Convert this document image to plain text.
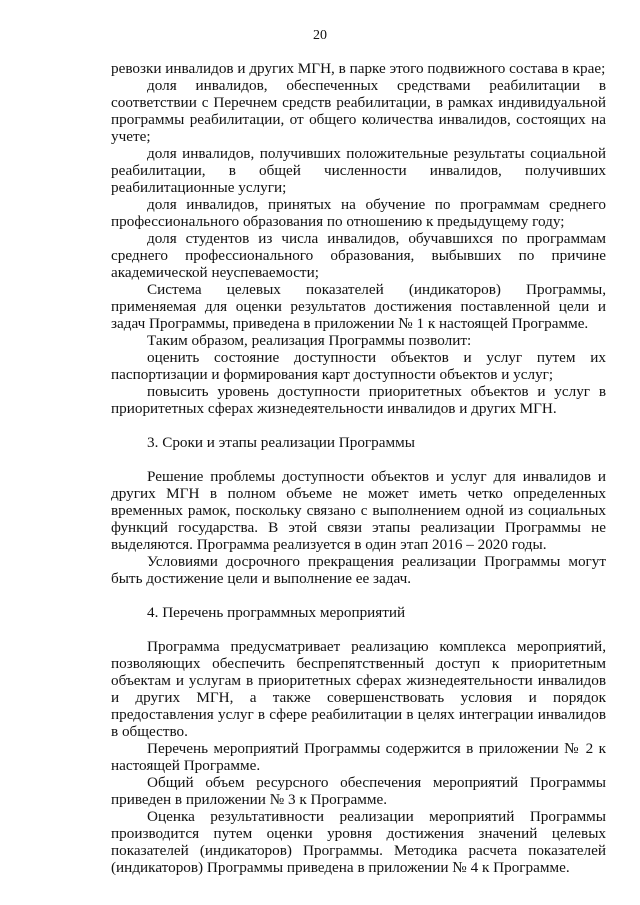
20

ревозки инвалидов и других МГН, в парке этого подвижного состава в крае;

доля инвалидов, обеспеченных средствами реабилитации в соответствии с Перечнем средств реабилитации, в рамках индивидуальной программы реабилитации, от общего количества инвалидов, состоящих на учете;

доля инвалидов, получивших положительные результаты социальной реабилитации, в общей численности инвалидов, получивших реабилитационные услуги;

доля инвалидов, принятых на обучение по программам среднего профессионального образования по отношению к предыдущему году;

доля студентов из числа инвалидов, обучавшихся по программам среднего профессионального образования, выбывших по причине академической неуспеваемости;

Система целевых показателей (индикаторов) Программы, применяемая для оценки результатов достижения поставленной цели и задач Программы, приведена в приложении № 1 к настоящей Программе.

Таким образом, реализация Программы позволит:

оценить состояние доступности объектов и услуг путем их паспортизации и формирования карт доступности объектов и услуг;

повысить уровень доступности приоритетных объектов и услуг в приоритетных сферах жизнедеятельности инвалидов и других МГН.

3. Сроки и этапы реализации Программы

Решение проблемы доступности объектов и услуг для инвалидов и других МГН в полном объеме не может иметь четко определенных временных рамок, поскольку связано с выполнением одной из социальных функций государства. В этой связи этапы реализации Программы не выделяются. Программа реализуется в один этап 2016 – 2020 годы.

Условиями досрочного прекращения реализации Программы могут быть достижение цели и выполнение ее задач.

4. Перечень программных мероприятий

Программа предусматривает реализацию комплекса мероприятий, позволяющих обеспечить беспрепятственный доступ к приоритетным объектам и услугам в приоритетных сферах жизнедеятельности инвалидов и других МГН, а также совершенствовать условия и порядок предоставления услуг в сфере реабилитации в целях интеграции инвалидов в общество.

Перечень мероприятий Программы содержится в приложении № 2 к настоящей Программе.

Общий объем ресурсного обеспечения мероприятий Программы приведен в приложении № 3 к Программе.

Оценка результативности реализации мероприятий Программы производится путем оценки уровня достижения значений целевых показателей (индикаторов) Программы. Методика расчета показателей (индикаторов) Программы приведена в приложении № 4 к Программе.
